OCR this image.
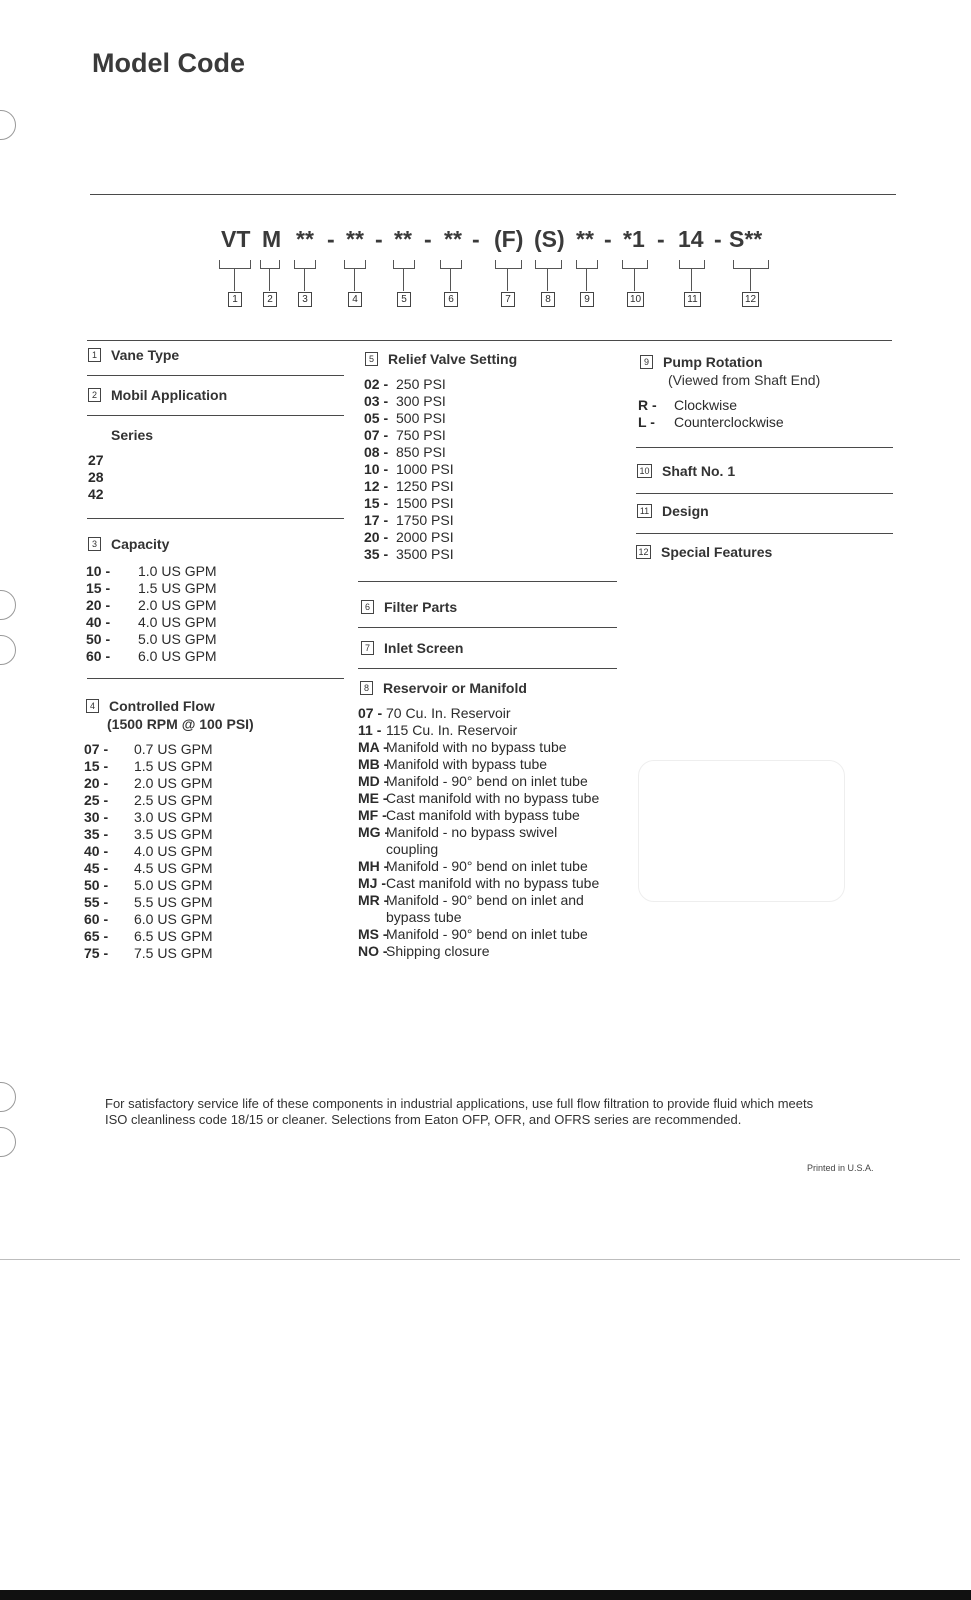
Model Code
VT M ** - ** - ** - ** - (F) (S) ** - *1 - 14 - S**
1	2	3	4	5	6	7	8	9	10	11	12
1 Vane Type
2 Mobil Application
Series
27
28
42
3 Capacity
10 -	1.0 US GPM
15 -	1.5 US GPM
20 -	2.0 US GPM
40 -	4.0 US GPM
50 -	5.0 US GPM
60 -	6.0 US GPM
4 Controlled Flow
(1500 RPM @ 100 PSI)
07 -	0.7 US GPM
15 -	1.5 US GPM
20 -	2.0 US GPM
25 -	2.5 US GPM
30 -	3.0 US GPM
35 -	3.5 US GPM
40 -	4.0 US GPM
45 -	4.5 US GPM
50 -	5.0 US GPM
55 -	5.5 US GPM
60 -	6.0 US GPM
65 -	6.5 US GPM
75 -	7.5 US GPM
5 Relief Valve Setting
02 - 250 PSI
03 - 300 PSI
05 - 500 PSI
07 - 750 PSI
08 - 850 PSI
10 - 1000 PSI
12 - 1250 PSI
15 - 1500 PSI
17 - 1750 PSI
20 - 2000 PSI
35 - 3500 PSI
6 Filter Parts
7 Inlet Screen
8 Reservoir or Manifold
07 - 70 Cu. In. Reservoir
11 - 115 Cu. In. Reservoir
MA -
Manifold with no bypass tube
MB -
Manifold with bypass tube
MD -
Manifold - 90° bend on inlet tube
ME -
Cast manifold with no bypass tube
MF - Cast manifold with bypass tube
MG -
Manifold - no bypass swivel
coupling
MH -
Manifold - 90° bend on inlet tube
MJ - Cast manifold with no bypass tube
MR -
Manifold - 90° bend on inlet and
bypass tube
MS -
Manifold - 90° bend on inlet tube
NO -
Shipping closure
9 Pump Rotation
(Viewed from Shaft End)
R -	Clockwise
L -	Counterclockwise
10 Shaft No. 1
11 Design
12 Special Features
For satisfactory service life of these components in industrial applications, use full flow filtration to provide fluid which meets ISO cleanliness code 18/15 or cleaner. Selections from Eaton OFP, OFR, and OFRS series are recommended.
Printed in U.S.A.
